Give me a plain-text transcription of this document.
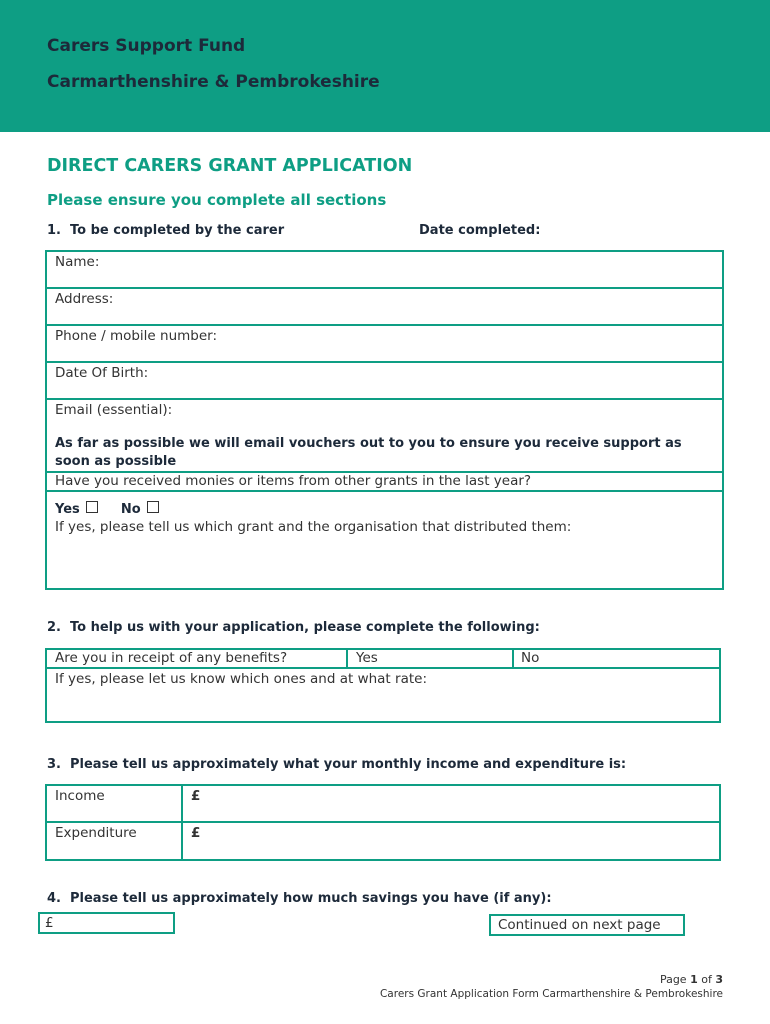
Carers Support Fund
Carmarthenshire & Pembrokeshire
DIRECT CARERS GRANT APPLICATION
Please ensure you complete all sections
1. To be completed by the carer	Date completed:
Name:
Address:
Phone / mobile number:
Date Of Birth:
Email (essential):
As far as possible we will email vouchers out to you to ensure you receive support as soon as possible
Have you received monies or items from other grants in the last year?
Yes	No
If yes, please tell us which grant and the organisation that distributed them:
2. To help us with your application, please complete the following:
Are you in receipt of any benefits?	Yes	No
If yes, please let us know which ones and at what rate:
3. Please tell us approximately what your monthly income and expenditure is:
Income	£
Expenditure	£
4. Please tell us approximately how much savings you have (if any):
£	Continued on next page
Page 1 of 3
Carers Grant Application Form Carmarthenshire & Pembrokeshire
